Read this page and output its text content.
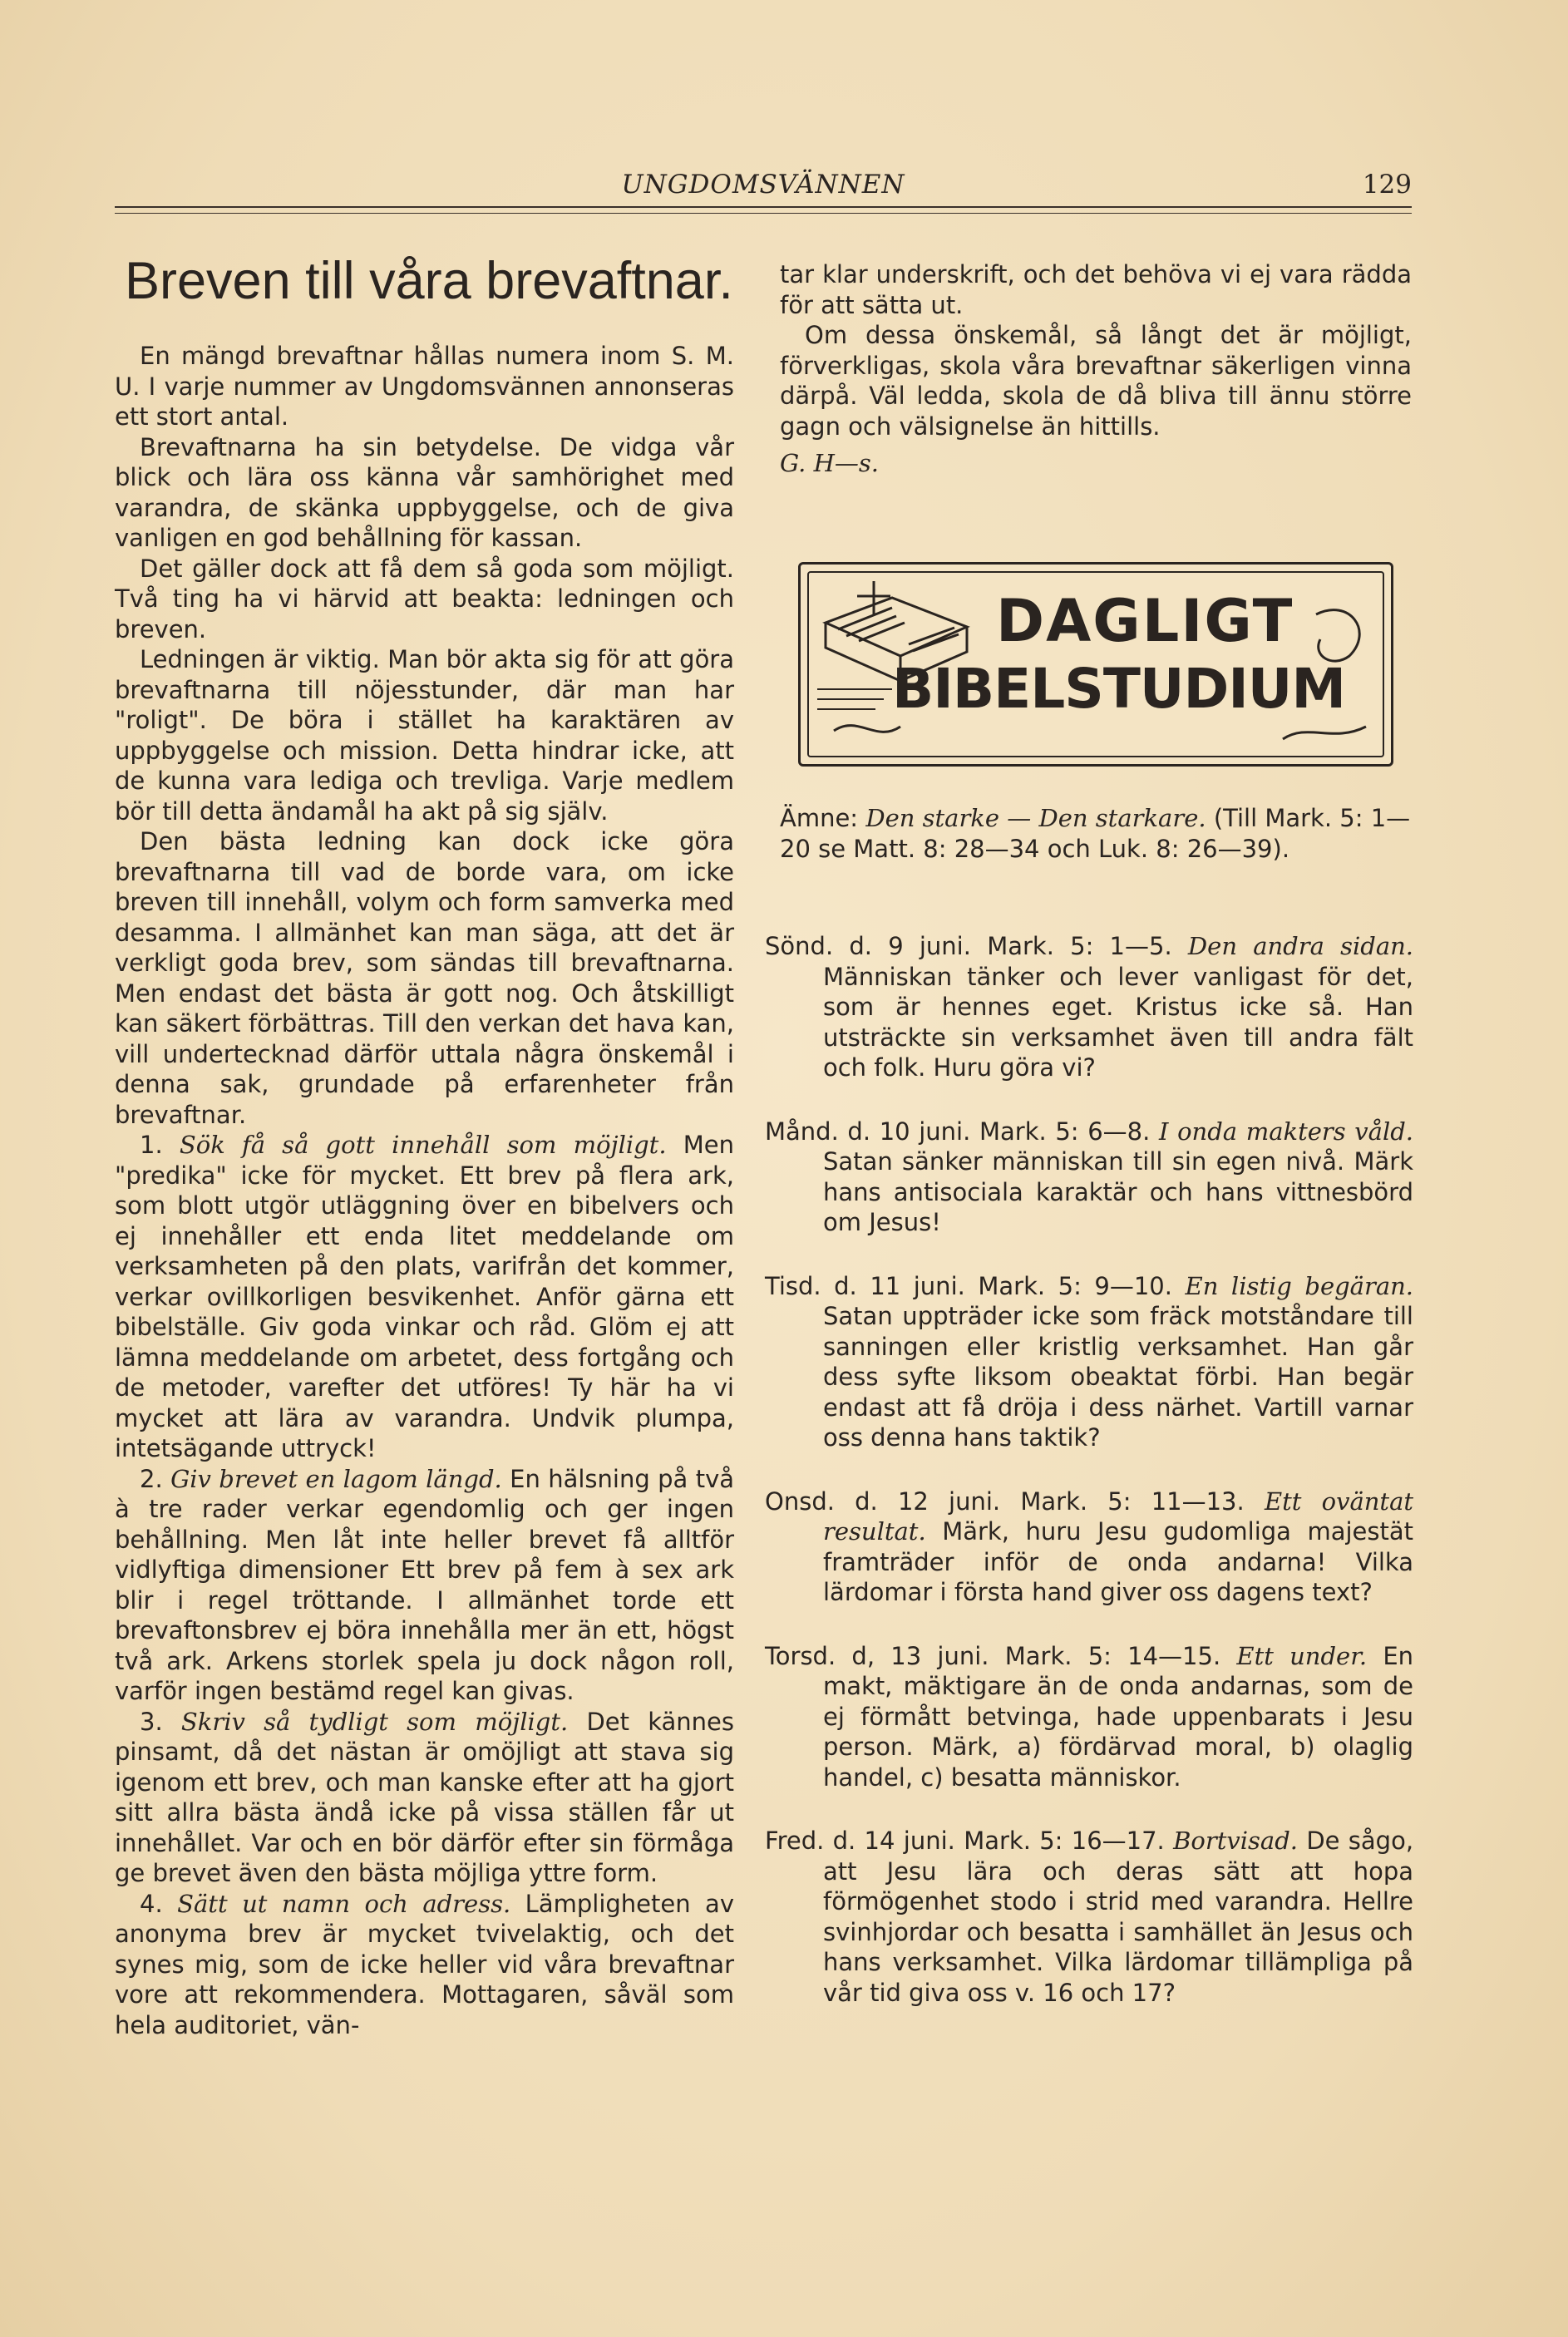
UNGDOMSVÄNNEN	129
Breven till våra brevaftnar.

En mängd brevaftnar hållas numera inom S. M. U. I varje nummer av Ungdomsvännen annonseras ett stort antal.

Brevaftnarna ha sin betydelse. De vidga vår blick och lära oss känna vår samhörighet med varandra, de skänka uppbyggelse, och de giva vanligen en god behållning för kassan.

Det gäller dock att få dem så goda som möjligt. Två ting ha vi härvid att beakta: ledningen och breven.

Ledningen är viktig. Man bör akta sig för att göra brevaftnarna till nöjesstunder, där man har "roligt". De böra i stället ha karaktären av uppbyggelse och mission. Detta hindrar icke, att de kunna vara ledigа och trevliga. Varje medlem bör till detta ändamål ha akt på sig själv.

Den bästa ledning kan dock icke göra brevaftnarna till vad de borde vara, om icke breven till innehåll, volym och form samverka med desamma. I allmänhet kan man säga, att det är verkligt goda brev, som sändas till brevaftnarna. Men endast det bästa är gott nog. Och åtskilligt kan säkert förbättras. Till den verkan det hava kan, vill undertecknad därför uttala några önskemål i denna sak, grundade på erfarenheter från brevaftnar.

1. Sök få så gott innehåll som möjligt. Men "predika" icke för mycket. Ett brev på flera ark, som blott utgör utläggning över en bibelvers och ej innehåller ett enda litet meddelande om verksamheten på den plats, varifrån det kommer, verkar ovillkorligen besvikenhet. Anför gärna ett bibelställe. Giv goda vinkar och råd. Glöm ej att lämna meddelande om arbetet, dess fortgång och de metoder, varefter det utföres! Ty här ha vi mycket att lära av varandra. Undvik plumpa, intetsägande uttryck!

2. Giv brevet en lagom längd. En hälsning på två à tre rader verkar egendomlig och ger ingen behållning. Men låt inte heller brevet få alltför vidlyftiga dimensioner Ett brev på fem à sex ark blir i regel tröttande. I allmänhet torde ett brevaftonsbrev ej böra innehålla mer än ett, högst två ark. Arkens storlek spela ju dock någon roll, varför ingen bestämd regel kan givas.

3. Skriv så tydligt som möjligt. Det kännes pinsamt, då det nästan är omöjligt att stava sig igenom ett brev, och man kanske efter att ha gjort sitt allra bästa ändå icke på vissa ställen får ut innehållet. Var och en bör därför efter sin förmåga ge brevet även den bästa möjliga yttre form.

4. Sätt ut namn och adress. Lämpligheten av anonyma brev är mycket tvivelaktig, och det synes mig, som de icke heller vid våra brevaftnar vore att rekommendera. Mottagaren, såväl som hela auditoriet, vän-

tar klar underskrift, och det behöva vi ej vara rädda för att sätta ut.

Om dessa önskemål, så långt det är möjligt, förverkligas, skola våra brevaftnar säkerligen vinna därpå. Väl ledda, skola de då bliva till ännu större gagn och välsignelse än hittills.

G. H—s.

DAGLIGT
BIBELSTUDIUM
Ämne: Den starke — Den starkare. (Till Mark. 5: 1—20 se Matt. 8: 28—34 och Luk. 8: 26—39).

Sönd. d. 9 juni. Mark. 5: 1—5. Den andra sidan. Människan tänker och lever vanligast för det, som är hennes eget. Kristus icke så. Han utsträckte sin verksamhet även till andra fält och folk. Huru göra vi?

Månd. d. 10 juni. Mark. 5: 6—8. I onda makters våld. Satan sänker människan till sin egen nivå. Märk hans antisociala karaktär och hans vittnesbörd om Jesus!

Tisd. d. 11 juni. Mark. 5: 9—10. En listig begäran. Satan uppträder icke som fräck motståndare till sanningen eller kristlig verksamhet. Han går dess syfte liksom obeaktat förbi. Han begär endast att få dröja i dess närhet. Vartill varnar oss denna hans taktik?

Onsd. d. 12 juni. Mark. 5: 11—13. Ett oväntat resultat. Märk, huru Jesu gudomliga majestät framträder inför de onda andarna! Vilka lärdomar i första hand giver oss dagens text?

Torsd. d, 13 juni. Mark. 5: 14—15. Ett under. En makt, mäktigare än de onda andarnas, som de ej förmått betvinga, hade uppenbarats i Jesu person. Märk, a) fördärvad moral, b) olaglig handel, c) besatta människor.

Fred. d. 14 juni. Mark. 5: 16—17. Bortvisad. De sågo, att Jesu lära och deras sätt att hopa förmögenhet stodo i strid med varandra. Hellre svinhjordar och besatta i samhället än Jesus och hans verksamhet. Vilka lärdomar tillämpliga på vår tid giva oss v. 16 och 17?
